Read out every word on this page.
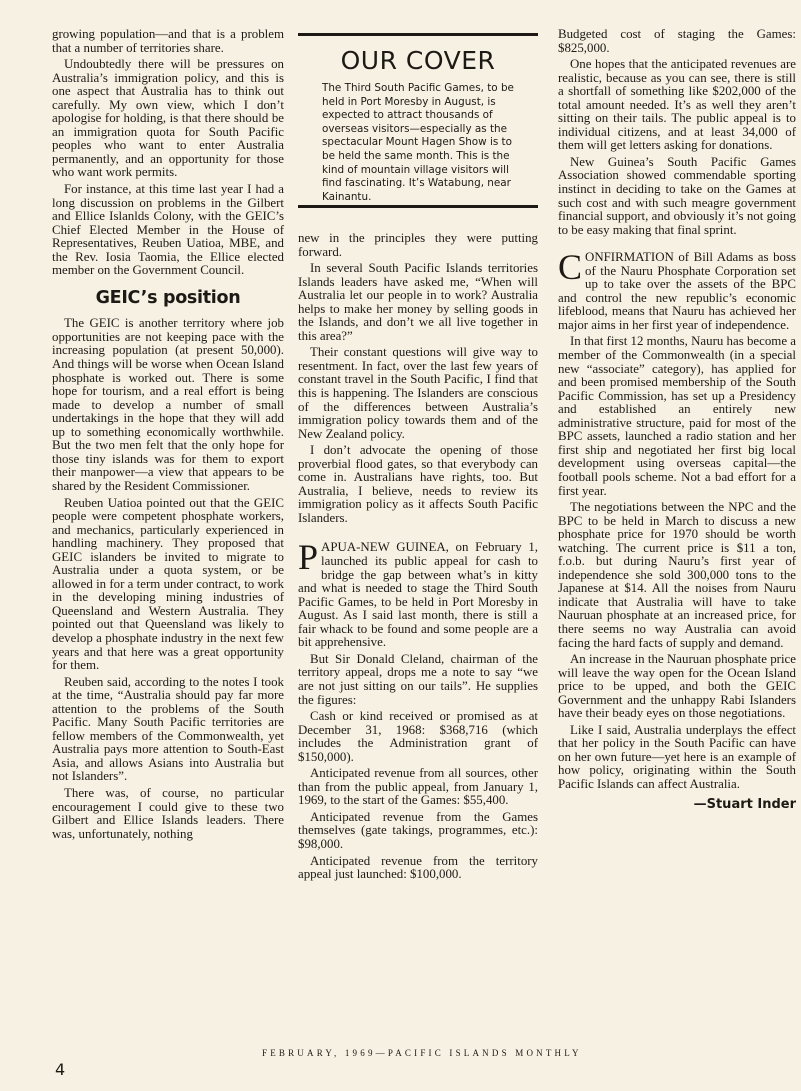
growing population—and that is a problem that a number of territories share.

Undoubtedly there will be pressures on Australia’s immigration policy, and this is one aspect that Australia has to think out carefully. My own view, which I don’t apologise for holding, is that there should be an immigration quota for South Pacific peoples who want to enter Australia permanently, and an opportunity for those who want work permits.

For instance, at this time last year I had a long discussion on problems in the Gilbert and Ellice Islanlds Colony, with the GEIC’s Chief Elected Member in the House of Representatives, Reuben Uatioa, MBE, and the Rev. Iosia Taomia, the Ellice elected member on the Government Council.

GEIC’s position

The GEIC is another territory where job opportunities are not keeping pace with the increasing population (at present 50,000). And things will be worse when Ocean Island phosphate is worked out. There is some hope for tourism, and a real effort is being made to develop a number of small undertakings in the hope that they will add up to something economically worthwhile. But the two men felt that the only hope for those tiny islands was for them to export their manpower—a view that appears to be shared by the Resident Commissioner.

Reuben Uatioa pointed out that the GEIC people were competent phosphate workers, and mechanics, particularly experienced in handling machinery. They proposed that GEIC islanders be invited to migrate to Australia under a quota system, or be allowed in for a term under contract, to work in the developing mining industries of Queensland and Western Australia. They pointed out that Queensland was likely to develop a phosphate industry in the next few years and that here was a great opportunity for them.

Reuben said, according to the notes I took at the time, “Australia should pay far more attention to the problems of the South Pacific. Many South Pacific territories are fellow members of the Commonwealth, yet Australia pays more attention to South-East Asia, and allows Asians into Australia but not Islanders”.

There was, of course, no particular encouragement I could give to these two Gilbert and Ellice Islands leaders. There was, unfortunately, nothing

OUR COVER

The Third South Pacific Games, to be held in Port Moresby in August, is expected to attract thousands of overseas visitors—especially as the spectacular Mount Hagen Show is to be held the same month. This is the kind of mountain village visitors will find fascinating. It’s Watabung, near Kainantu.

new in the principles they were putting forward.

In several South Pacific Islands territories Islands leaders have asked me, “When will Australia let our people in to work? Australia helps to make her money by selling goods in the Islands, and don’t we all live together in this area?”

Their constant questions will give way to resentment. In fact, over the last few years of constant travel in the South Pacific, I find that this is happening. The Islanders are conscious of the differences between Australia’s immigration policy towards them and of the New Zealand policy.

I don’t advocate the opening of those proverbial flood gates, so that everybody can come in. Australians have rights, too. But Australia, I believe, needs to review its immigration policy as it affects South Pacific Islanders.

PAPUA-NEW GUINEA, on February 1, launched its public appeal for cash to bridge the gap between what’s in kitty and what is needed to stage the Third South Pacific Games, to be held in Port Moresby in August. As I said last month, there is still a fair whack to be found and some people are a bit apprehensive.

But Sir Donald Cleland, chairman of the territory appeal, drops me a note to say “we are not just sitting on our tails”. He supplies the figures:

Cash or kind received or promised as at December 31, 1968: $368,716 (which includes the Administration grant of $150,000).

Anticipated revenue from all sources, other than from the public appeal, from January 1, 1969, to the start of the Games: $55,400.

Anticipated revenue from the Games themselves (gate takings, programmes, etc.): $98,000.

Anticipated revenue from the territory appeal just launched: $100,000.

Budgeted cost of staging the Games: $825,000.

One hopes that the anticipated revenues are realistic, because as you can see, there is still a shortfall of something like $202,000 of the total amount needed. It’s as well they aren’t sitting on their tails. The public appeal is to individual citizens, and at least 34,000 of them will get letters asking for donations.

New Guinea’s South Pacific Games Association showed commendable sporting instinct in deciding to take on the Games at such cost and with such meagre government financial support, and obviously it’s not going to be easy making that final sprint.

CONFIRMATION of Bill Adams as boss of the Nauru Phosphate Corporation set up to take over the assets of the BPC and control the new republic’s economic lifeblood, means that Nauru has achieved her major aims in her first year of independence.

In that first 12 months, Nauru has become a member of the Commonwealth (in a special new “associate” category), has applied for and been promised membership of the South Pacific Commission, has set up a Presidency and established an entirely new administrative structure, paid for most of the BPC assets, launched a radio station and her first ship and negotiated her first big local development using overseas capital—the football pools scheme. Not a bad effort for a first year.

The negotiations between the NPC and the BPC to be held in March to discuss a new phosphate price for 1970 should be worth watching. The current price is $11 a ton, f.o.b. but during Nauru’s first year of independence she sold 300,000 tons to the Japanese at $14. All the noises from Nauru indicate that Australia will have to take Nauruan phosphate at an increased price, for there seems no way Australia can avoid facing the hard facts of supply and demand.

An increase in the Nauruan phosphate price will leave the way open for the Ocean Island price to be upped, and both the GEIC Government and the unhappy Rabi Islanders have their beady eyes on those negotiations.

Like I said, Australia underplays the effect that her policy in the South Pacific can have on her own future—yet here is an example of how policy, originating within the South Pacific Islands can affect Australia.

—Stuart Inder
FEBRUARY, 1969—PACIFIC ISLANDS MONTHLY
4
